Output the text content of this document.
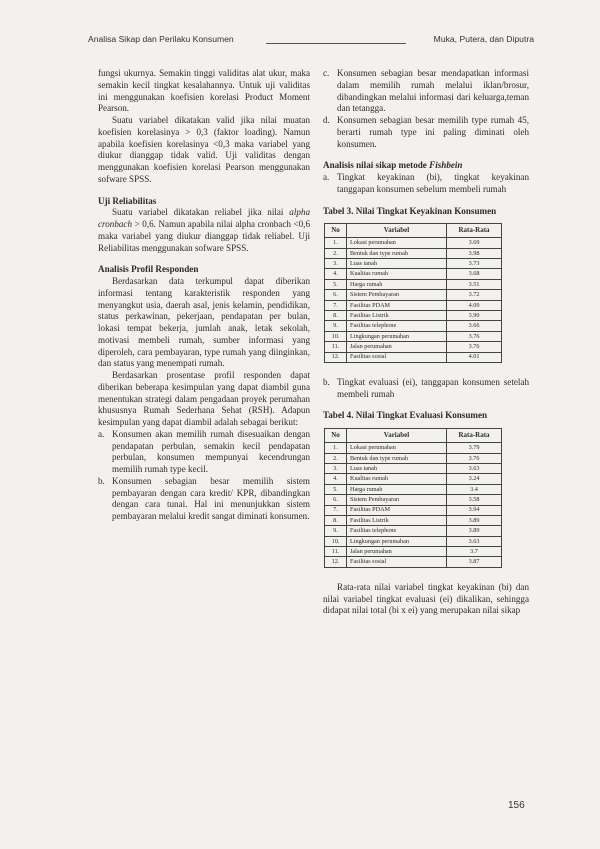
Analisa Sikap dan Perilaku Konsumen	Muka, Putera, dan Diputra

fungsi ukurnya. Semakin tinggi validitas alat ukur, maka semakin kecil tingkat kesalahannya. Untuk uji validitas ini menggunakan koefisien korelasi Product Moment Pearson.

Suatu variabel dikatakan valid jika nilai muatan koefisien korelasinya > 0,3 (faktor loading). Namun apabila koefisien korelasinya <0,3 maka variabel yang diukur dianggap tidak valid. Uji validitas dengan menggunakan koefisien korelasi Pearson menggunakan sofware SPSS.

Uji Reliabilitas

Suatu variabel dikatakan reliabel jika nilai alpha cronbach > 0,6. Namun apabila nilai alpha cronbach <0,6 maka variabel yang diukur dianggap tidak reliabel. Uji Reliabilitas menggunakan sofware SPSS.

Analisis Profil Responden

Berdasarkan data terkumpul dapat diberikan informasi tentang karakteristik responden yang menyangkut usia, daerah asal, jenis kelamin, pendidikan, status perkawinan, pekerjaan, pendapatan per bulan, lokasi tempat bekerja, jumlah anak, letak sekolah, motivasi membeli rumah, sumber informasi yang diperoleh, cara pembayaran, type rumah yang diinginkan, dan status yang menempati rumah.

Berdasarkan prosentase profil responden dapat diberikan beberapa kesimpulan yang dapat diambil guna menentukan strategi dalam pengadaan proyek perumahan khususnya Rumah Sederhana Sehat (RSH). Adapun kesimpulan yang dapat diambil adalah sebagai berikut:

a. Konsumen akan memilih rumah disesuaikan dengan pendapatan perbulan, semakin kecil pendapatan perbulan, konsumen mempunyai kecendrungan memilih rumah type kecil.
b. Konsumen sebagian besar memilih sistem pembayaran dengan cara kredit/ KPR, dibandingkan dengan cara tunai. Hal ini menunjukkan sistem pembayaran melalui kredit sangat diminati konsumen.
c. Konsumen sebagian besar mendapatkan informasi dalam memilih rumah melalui iklan/brosur, dibandingkan melalui informasi dari keluarga,teman dan tetangga.
d. Konsumen sebagian besar memilih type rumah 45, berarti rumah type ini paling diminati oleh konsumen.

Analisis nilai sikap metode Fishbein

a. Tingkat keyakinan (bi), tingkat keyakinan tanggapan konsumen sebelum membeli rumah

Tabel 3. Nilai Tingkat Keyakinan Konsumen

No	Variabel	Rata-Rata
1.	Lokasi perumahan	3.69
2.	Bentuk dan type rumah	3.98
3.	Luas tanah	3.73
4.	Kualitas rumah	3.68
5.	Harga rumah	3.51
6.	Sistem Pembayaran	3.72
7.	Fasilitas PDAM	4.09
8.	Fasilitas Listrik	3.90
9.	Fasilitas telephone	3.66
10.	Lingkungan perumahan	3.76
11.	Jalan perumahan	3.76
12.	Fasilitas sosial	4.01
b. Tingkat evaluasi (ei), tanggapan konsumen setelah membeli rumah

Tabel 4. Nilai Tingkat Evaluasi Konsumen

No	Variabel	Rata-Rata
1.	Lokasi perumahan	3.79
2.	Bentuk dan type rumah	3.76
3.	Luas tanah	3.63
4.	Kualitas rumah	3.24
5.	Harga rumah	3.4
6.	Sistem Pembayaran	3.58
7.	Fasilitas PDAM	3.94
8.	Fasilitas Listrik	3.89
9.	Fasilitas telephone	3.89
10.	Lingkungan perumahan	3.63
11.	Jalan perumahan	3.7
12.	Fasilitas sosial	3.87

Rata-rata nilai variabel tingkat keyakinan (bi) dan nilai variabel tingkat evaluasi (ei) dikalikan, sehingga didapat nilai total (bi x ei) yang merupakan nilai sikap

156
